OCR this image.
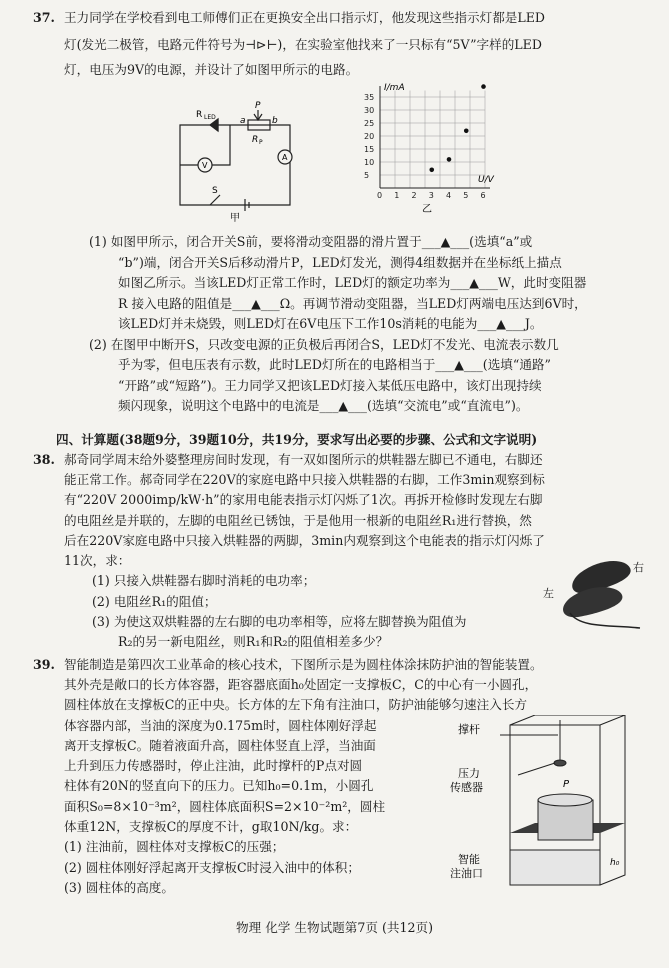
37. 王力同学在学校看到电工师傅们正在更换安全出口指示灯，他发现这些指示灯都是LED
灯(发光二极管，电路元件符号为⊣⊳⊢)，在实验室他找来了一只标有“5V”字样的LED
灯，电压为9V的电源，并设计了如图甲所示的电路。
R LED
P
a	b
R P
V
A
S
甲
5
10
15
20
25
30
35
0 1 2 3 4 5 6
I/mA
U/V
乙
(1) 如图甲所示，闭合开关S前，要将滑动变阻器的滑片置于___▲___(选填“a”或
“b”)端，闭合开关S后移动滑片P，LED灯发光，测得4组数据并在坐标纸上描点
如图乙所示。当该LED灯正常工作时，LED灯的额定功率为___▲___W，此时变阻器
R 接入电路的阻值是___▲___Ω。再调节滑动变阻器，当LED灯两端电压达到6V时，
该LED灯并未烧毁，则LED灯在6V电压下工作10s消耗的电能为___▲___J。
(2) 在图甲中断开S，只改变电源的正负极后再闭合S，LED灯不发光、电流表示数几
乎为零，但电压表有示数，此时LED灯所在的电路相当于___▲___(选填“通路”
“开路”或“短路”)。王力同学又把该LED灯接入某低压电路中，该灯出现持续
频闪现象，说明这个电路中的电流是___▲___(选填“交流电”或“直流电”)。
四、计算题(38题9分，39题10分，共19分，要求写出必要的步骤、公式和文字说明)
38. 郝奇同学周末给外婆整理房间时发现，有一双如图所示的烘鞋器左脚已不通电，右脚还
能正常工作。郝奇同学在220V的家庭电路中只接入烘鞋器的右脚，工作3min观察到标
有“220V 2000imp/kW·h”的家用电能表指示灯闪烁了1次。再拆开检修时发现左右脚
的电阻丝是并联的，左脚的电阻丝已锈蚀，于是他用一根新的电阻丝R₁进行替换，然
后在220V家庭电路中只接入烘鞋器的两脚，3min内观察到这个电能表的指示灯闪烁了
11次，求：
(1) 只接入烘鞋器右脚时消耗的电功率；
(2) 电阻丝R₁的阻值；
(3) 为使这双烘鞋器的左右脚的电功率相等，应将左脚替换为阻值为
R₂的另一新电阻丝，则R₁和R₂的阻值相差多少？
左
右
39. 智能制造是第四次工业革命的核心技术，下图所示是为圆柱体涂抹防护油的智能装置。
其外壳是敞口的长方体容器，距容器底面h₀处固定一支撑板C，C的中心有一小圆孔，
圆柱体放在支撑板C的正中央。长方体的左下角有注油口，防护油能够匀速注入长方
体容器内部，当油的深度为0.175m时，圆柱体刚好浮起
离开支撑板C。随着液面升高，圆柱体竖直上浮，当油面
上升到压力传感器时，停止注油，此时撑杆的P点对圆
柱体有20N的竖直向下的压力。已知h₀=0.1m，小圆孔
面积S₀=8×10⁻³m²，圆柱体底面积S=2×10⁻²m²，圆柱
体重12N，支撑板C的厚度不计，g取10N/kg。求：
(1) 注油前，圆柱体对支撑板C的压强；
(2) 圆柱体刚好浮起离开支撑板C时浸入油中的体积；
(3) 圆柱体的高度。
P
撑杆
压力
传感器
智能
注油口
h₀
物理 化学 生物试题第7页 (共12页)
